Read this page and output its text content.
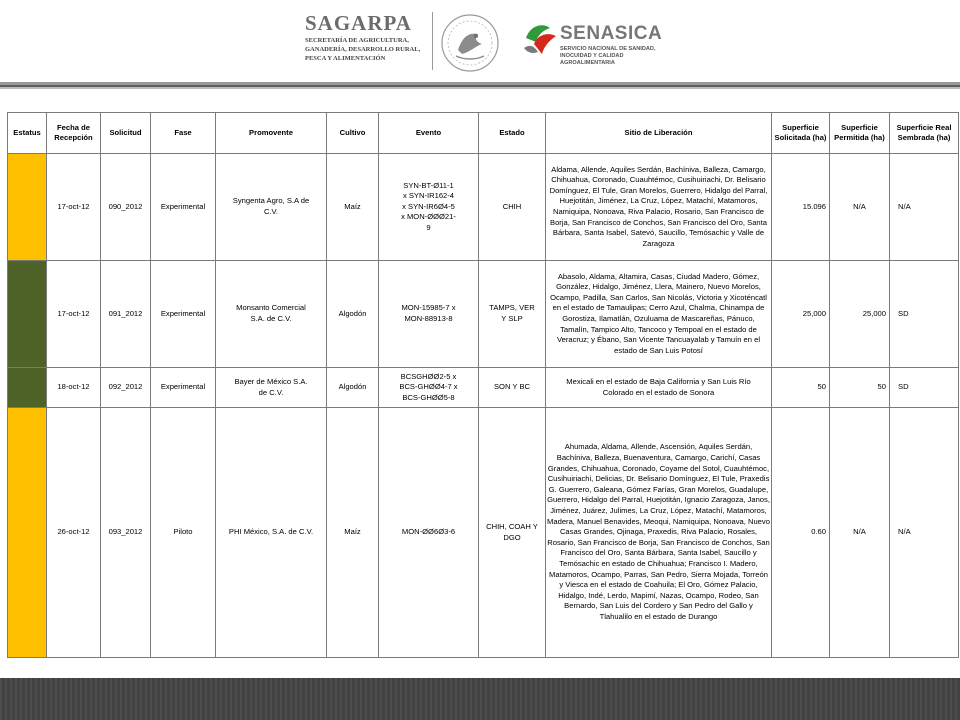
SAGARPA
SECRETARÍA DE AGRICULTURA,
GANADERÍA, DESARROLLO RURAL,
PESCA Y ALIMENTACIÓN
SENASICA
SERVICIO NACIONAL DE SANIDAD,
INOCUIDAD Y CALIDAD
AGROALIMENTARIA
Estatus	Fecha de Recepción	Solicitud	Fase	Promovente	Cultivo	Evento	Estado	Sitio de Liberación	Superficie Solicitada (ha)	Superficie Permitida (ha)	Superficie Real Sembrada (ha)
	17-oct-12	090_2012	Experimental	Syngenta Agro, S.A de C.V.	Maíz	SYN-BT-Ø11-1 x SYN-IR162-4 x SYN-IR6Ø4-5 x MON-ØØØ21-9	CHIH	Aldama, Allende, Aquiles Serdán, Bachíniva, Balleza, Camargo, Chihuahua, Coronado, Cuauhtémoc, Cusihuiriachi, Dr. Belisario Domínguez, El Tule, Gran Morelos, Guerrero, Hidalgo del Parral, Huejotitán, Jiménez, La Cruz, López, Matachí, Matamoros, Namiquipa, Nonoava, Riva Palacio, Rosario, San Francisco de Borja, San Francisco de Conchos, San Francisco del Oro, Santa Bárbara, Santa Isabel, Satevó, Saucillo, Temósachic y Valle de Zaragoza	15.096	N/A	N/A
	17-oct-12	091_2012	Experimental	Monsanto Comercial S.A. de C.V.	Algodón	MON-15985-7 x MON-88913-8	TAMPS, VER Y SLP	Abasolo, Aldama, Altamira, Casas, Ciudad Madero, Gómez, González, Hidalgo, Jiménez, Llera, Mainero, Nuevo Morelos, Ocampo, Padilla, San Carlos, San Nicolás, Victoria y Xicoténcatl en el estado de Tamaulipas; Cerro Azul, Chalma, Chinampa de Gorostiza, Ilamatlán, Ozuluama de Mascareñas, Pánuco, Tamalín, Tampico Alto, Tancoco y Tempoal en el estado de Veracruz; y Ébano, San Vicente Tancuayalab y Tamuín en el estado de San Luis Potosí	25,000	25,000	SD
	18-oct-12	092_2012	Experimental	Bayer de México S.A. de C.V.	Algodón	BCSGHØØ2-5 x BCS-GHØØ4-7 x BCS-GHØØ5-8	SON Y BC	Mexicali en el estado de Baja California y San Luis Río Colorado en el estado de Sonora	50	50	SD
	26-oct-12	093_2012	Piloto	PHI México, S.A. de C.V.	Maíz	MON-ØØ6Ø3-6	CHIH, COAH Y DGO	Ahumada, Aldama, Allende, Ascensión, Aquiles Serdán, Bachíniva, Balleza, Buenaventura, Camargo, Carichí, Casas Grandes, Chihuahua, Coronado, Coyame del Sotol, Cuauhtémoc, Cusihuiriachi, Delicias, Dr. Belisario Domínguez, El Tule, Praxedis G. Guerrero, Galeana, Gómez Farías, Gran Morelos, Guadalupe, Guerrero, Hidalgo del Parral, Huejotitán, Ignacio Zaragoza, Janos, Jiménez, Juárez, Julimes, La Cruz, López, Matachí, Matamoros, Madera, Manuel Benavides, Meoqui, Namiquipa, Nonoava, Nuevo Casas Grandes, Ojinaga, Praxedis, Riva Palacio, Rosales, Rosario, San Francisco de Borja, San Francisco de Conchos, San Francisco del Oro, Santa Bárbara, Santa Isabel, Saucillo y Temósachic en estado de Chihuahua; Francisco I. Madero, Matamoros, Ocampo, Parras, San Pedro, Sierra Mojada, Torreón y Viesca en el estado de Coahuila; El Oro, Gómez Palacio, Hidalgo, Indé, Lerdo, Mapimí, Nazas, Ocampo, Rodeo, San Bernardo, San Luis del Cordero y San Pedro del Gallo y Tlahualilo en el estado de Durango	0.60	N/A	N/A
